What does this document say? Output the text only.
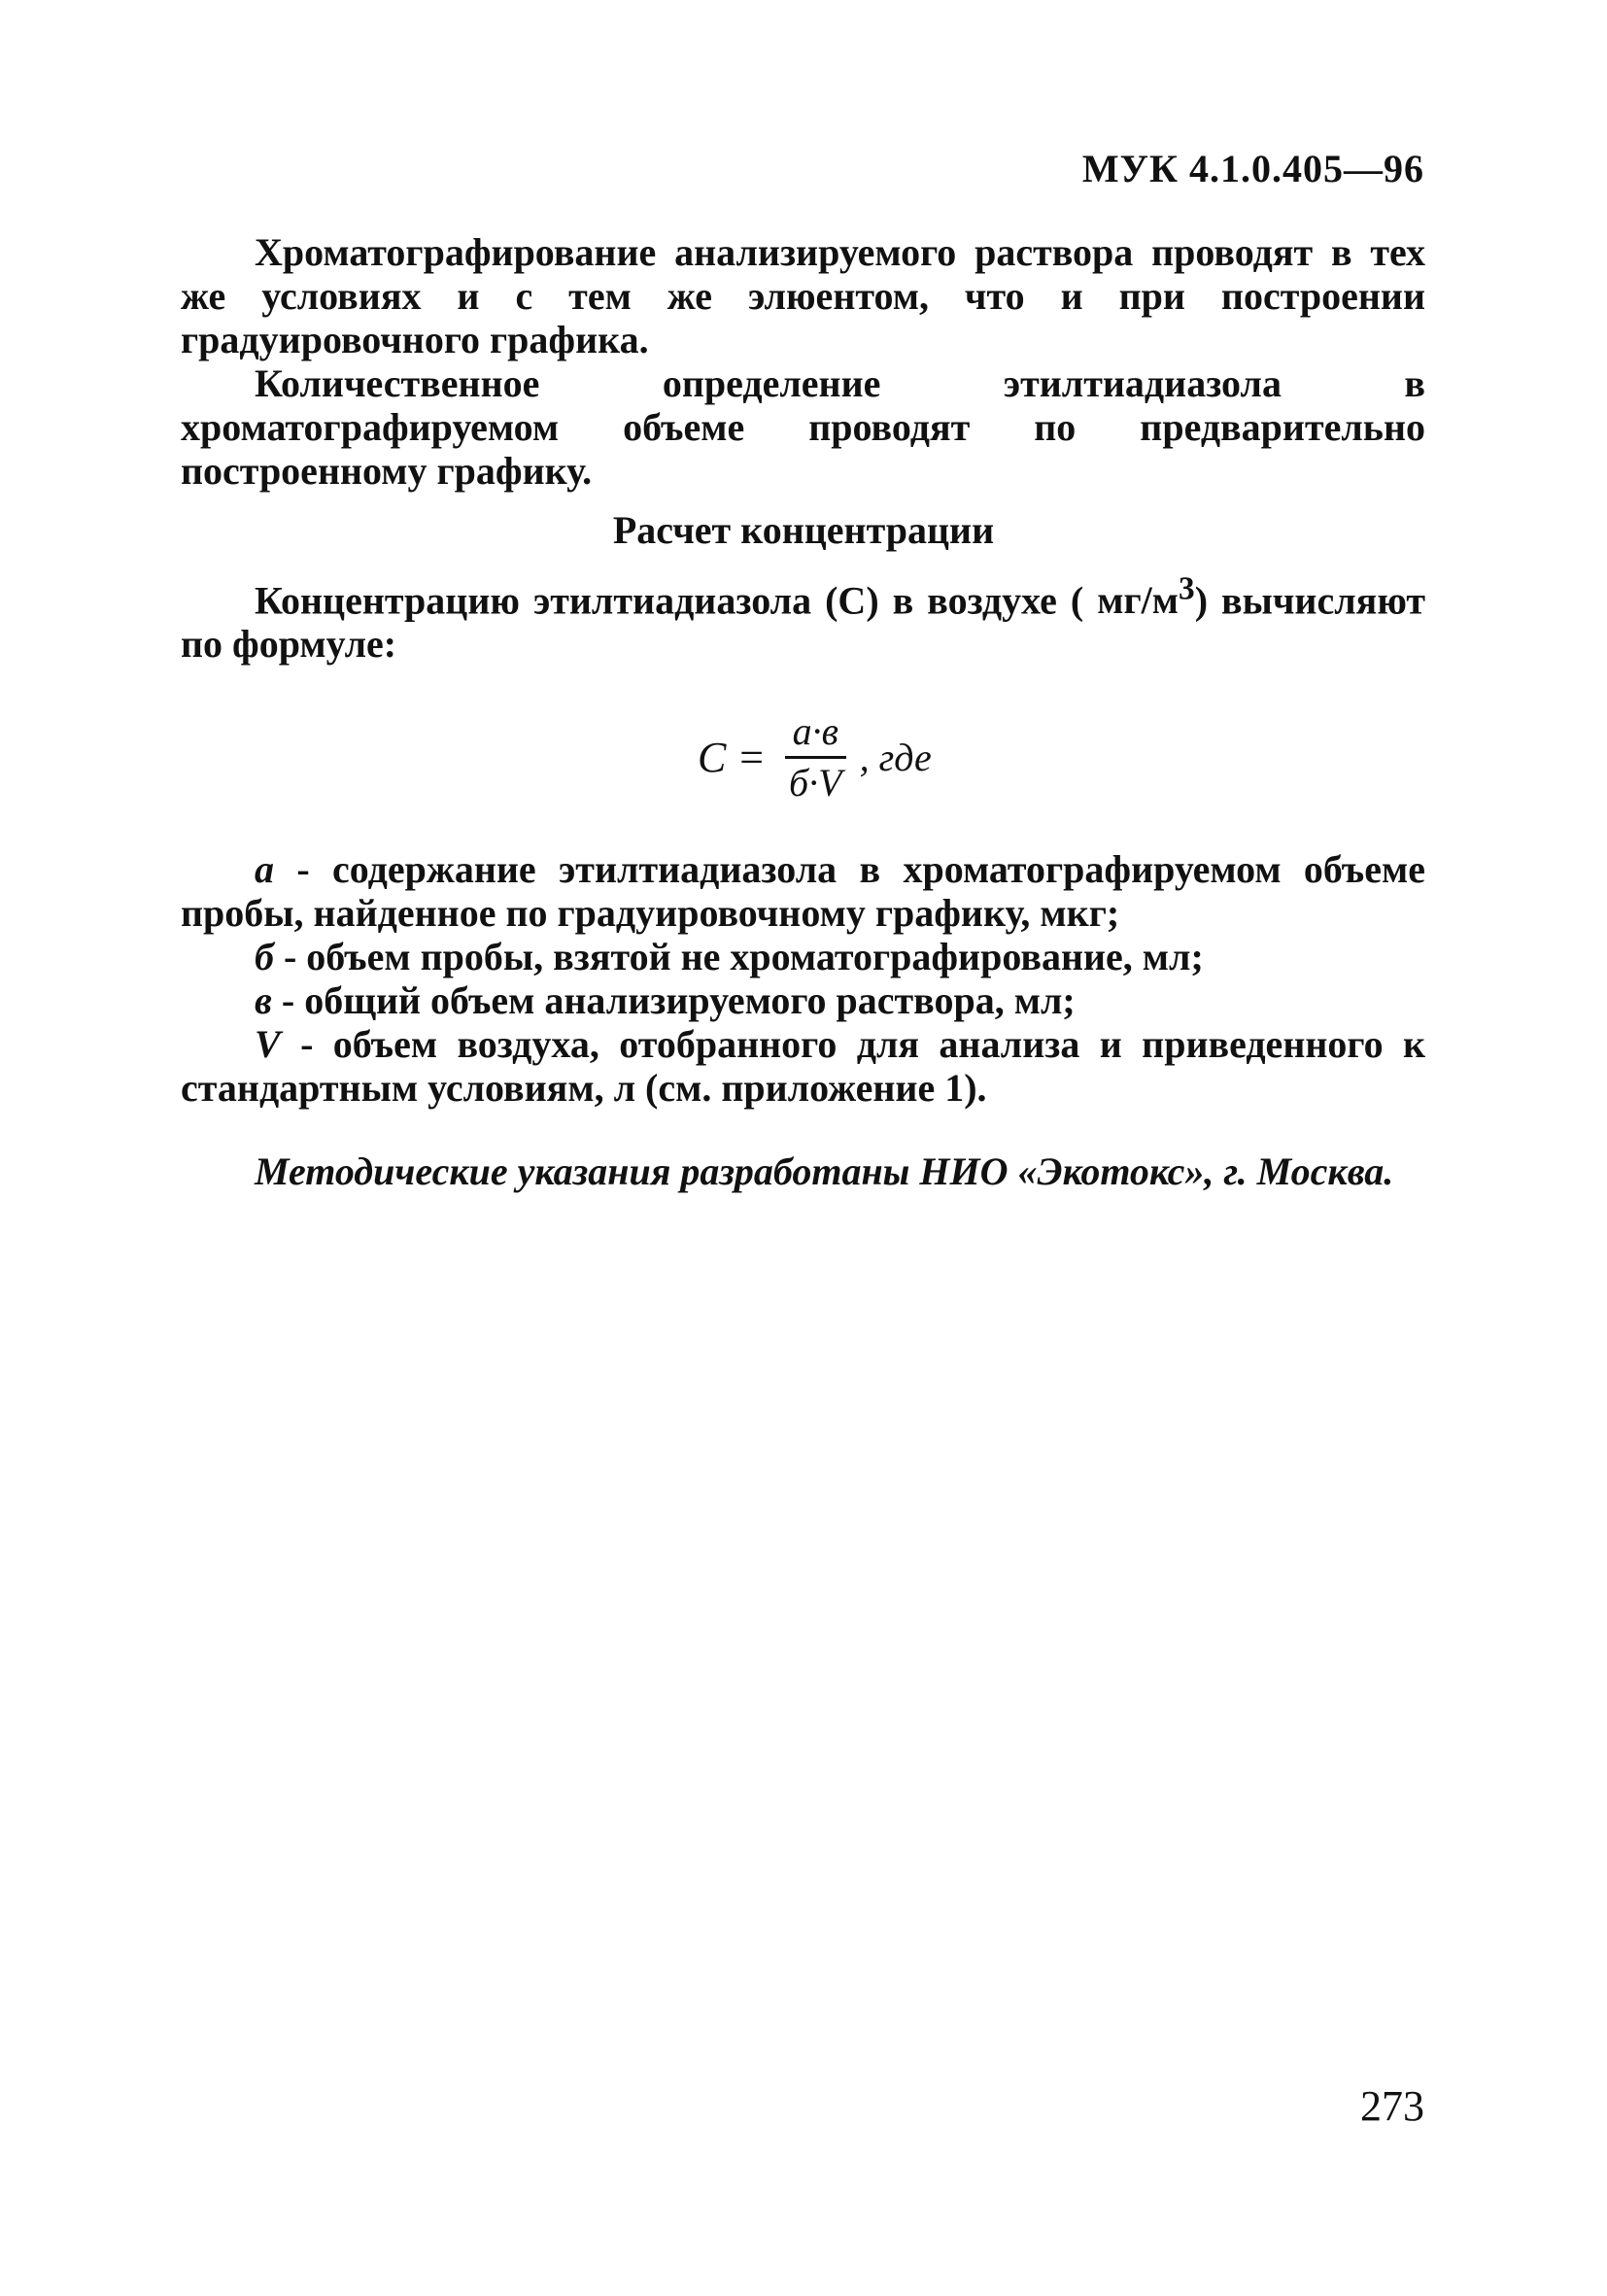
МУК 4.1.0.405—96

Хроматографирование анализируемого раствора проводят в тех же условиях и с тем же элюентом, что и при построении градуировочного графика.

Количественное определение этилтиадиазола в хроматографируемом объеме проводят по предварительно построенному графику.

Расчет концентрации

Концентрацию этилтиадиазола (С) в воздухе ( $мг/м^3$) вычисляют по формуле:

$С = \frac{а\cdot в}{б\cdot V}$ , где

а - содержание этилтиадиазола в хроматографируемом объеме пробы, найденное по градуировочному графику, мкг;

б - объем пробы, взятой не хроматографирование, мл;

в - общий объем анализируемого раствора, мл;

V - объем воздуха, отобранного для анализа и приведенного к стандартным условиям, л (см. приложение 1).

Методические указания разработаны НИО «Экотокс», г. Москва.
273
